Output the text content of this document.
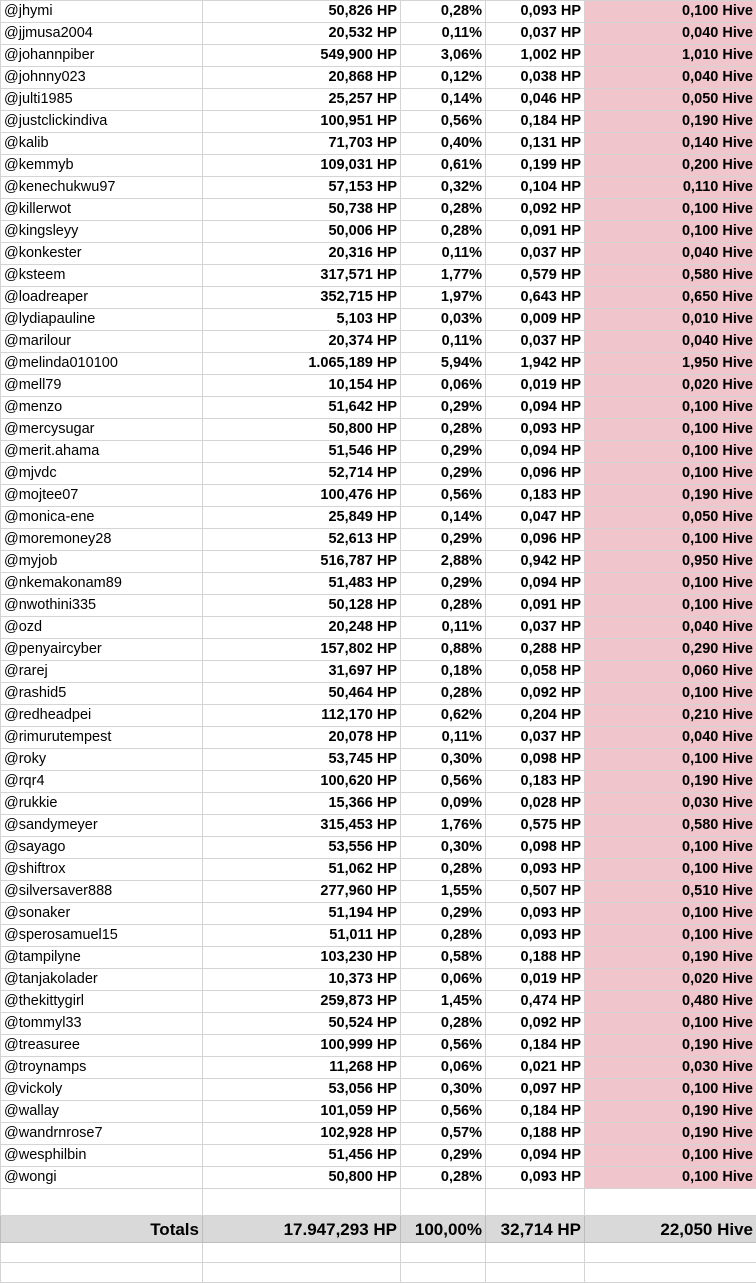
@jhymi	50,826 HP	0,28%	0,093 HP	0,100 Hive
@jjmusa2004	20,532 HP	0,11%	0,037 HP	0,040 Hive
@johannpiber	549,900 HP	3,06%	1,002 HP	1,010 Hive
@johnny023	20,868 HP	0,12%	0,038 HP	0,040 Hive
@julti1985	25,257 HP	0,14%	0,046 HP	0,050 Hive
@justclickindiva	100,951 HP	0,56%	0,184 HP	0,190 Hive
@kalib	71,703 HP	0,40%	0,131 HP	0,140 Hive
@kemmyb	109,031 HP	0,61%	0,199 HP	0,200 Hive
@kenechukwu97	57,153 HP	0,32%	0,104 HP	0,110 Hive
@killerwot	50,738 HP	0,28%	0,092 HP	0,100 Hive
@kingsleyy	50,006 HP	0,28%	0,091 HP	0,100 Hive
@konkester	20,316 HP	0,11%	0,037 HP	0,040 Hive
@ksteem	317,571 HP	1,77%	0,579 HP	0,580 Hive
@loadreaper	352,715 HP	1,97%	0,643 HP	0,650 Hive
@lydiapauline	5,103 HP	0,03%	0,009 HP	0,010 Hive
@marilour	20,374 HP	0,11%	0,037 HP	0,040 Hive
@melinda010100	1.065,189 HP	5,94%	1,942 HP	1,950 Hive
@mell79	10,154 HP	0,06%	0,019 HP	0,020 Hive
@menzo	51,642 HP	0,29%	0,094 HP	0,100 Hive
@mercysugar	50,800 HP	0,28%	0,093 HP	0,100 Hive
@merit.ahama	51,546 HP	0,29%	0,094 HP	0,100 Hive
@mjvdc	52,714 HP	0,29%	0,096 HP	0,100 Hive
@mojtee07	100,476 HP	0,56%	0,183 HP	0,190 Hive
@monica-ene	25,849 HP	0,14%	0,047 HP	0,050 Hive
@moremoney28	52,613 HP	0,29%	0,096 HP	0,100 Hive
@myjob	516,787 HP	2,88%	0,942 HP	0,950 Hive
@nkemakonam89	51,483 HP	0,29%	0,094 HP	0,100 Hive
@nwothini335	50,128 HP	0,28%	0,091 HP	0,100 Hive
@ozd	20,248 HP	0,11%	0,037 HP	0,040 Hive
@penyaircyber	157,802 HP	0,88%	0,288 HP	0,290 Hive
@rarej	31,697 HP	0,18%	0,058 HP	0,060 Hive
@rashid5	50,464 HP	0,28%	0,092 HP	0,100 Hive
@redheadpei	112,170 HP	0,62%	0,204 HP	0,210 Hive
@rimurutempest	20,078 HP	0,11%	0,037 HP	0,040 Hive
@roky	53,745 HP	0,30%	0,098 HP	0,100 Hive
@rqr4	100,620 HP	0,56%	0,183 HP	0,190 Hive
@rukkie	15,366 HP	0,09%	0,028 HP	0,030 Hive
@sandymeyer	315,453 HP	1,76%	0,575 HP	0,580 Hive
@sayago	53,556 HP	0,30%	0,098 HP	0,100 Hive
@shiftrox	51,062 HP	0,28%	0,093 HP	0,100 Hive
@silversaver888	277,960 HP	1,55%	0,507 HP	0,510 Hive
@sonaker	51,194 HP	0,29%	0,093 HP	0,100 Hive
@sperosamuel15	51,011 HP	0,28%	0,093 HP	0,100 Hive
@tampilyne	103,230 HP	0,58%	0,188 HP	0,190 Hive
@tanjakolader	10,373 HP	0,06%	0,019 HP	0,020 Hive
@thekittygirl	259,873 HP	1,45%	0,474 HP	0,480 Hive
@tommyl33	50,524 HP	0,28%	0,092 HP	0,100 Hive
@treasuree	100,999 HP	0,56%	0,184 HP	0,190 Hive
@troynamps	11,268 HP	0,06%	0,021 HP	0,030 Hive
@vickoly	53,056 HP	0,30%	0,097 HP	0,100 Hive
@wallay	101,059 HP	0,56%	0,184 HP	0,190 Hive
@wandrnrose7	102,928 HP	0,57%	0,188 HP	0,190 Hive
@wesphilbin	51,456 HP	0,29%	0,094 HP	0,100 Hive
@wongi	50,800 HP	0,28%	0,093 HP	0,100 Hive

Totals	17.947,293 HP	100,00%	32,714 HP	22,050 Hive
